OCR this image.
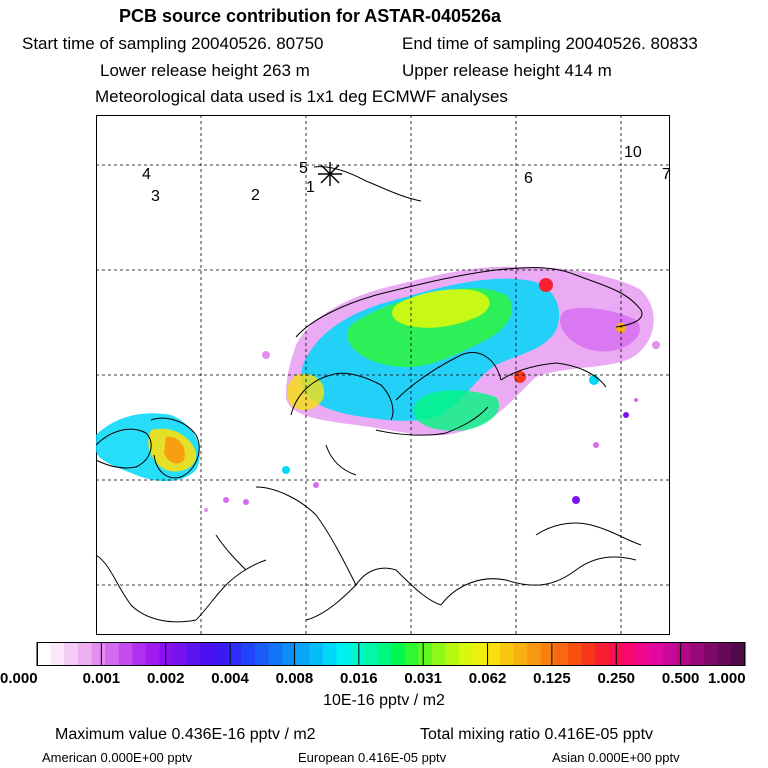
PCB source contribution for ASTAR-040526a
Start time of sampling 20040526. 80750	End time of sampling 20040526. 80833
Lower release height 263 m	Upper release height 414 m
Meteorological data used is 1x1 deg ECMWF analyses
1
2
3
4	5
6
10
7
0.000	0.001 0.002 0.004 0.008 0.016 0.031 0.062 0.125 0.250 0.500 1.000
10E-16 pptv / m2
Maximum value 0.436E-16 pptv / m2	Total mixing ratio 0.416E-05 pptv
American 0.000E+00 pptv	European 0.416E-05 pptv	Asian 0.000E+00 pptv
